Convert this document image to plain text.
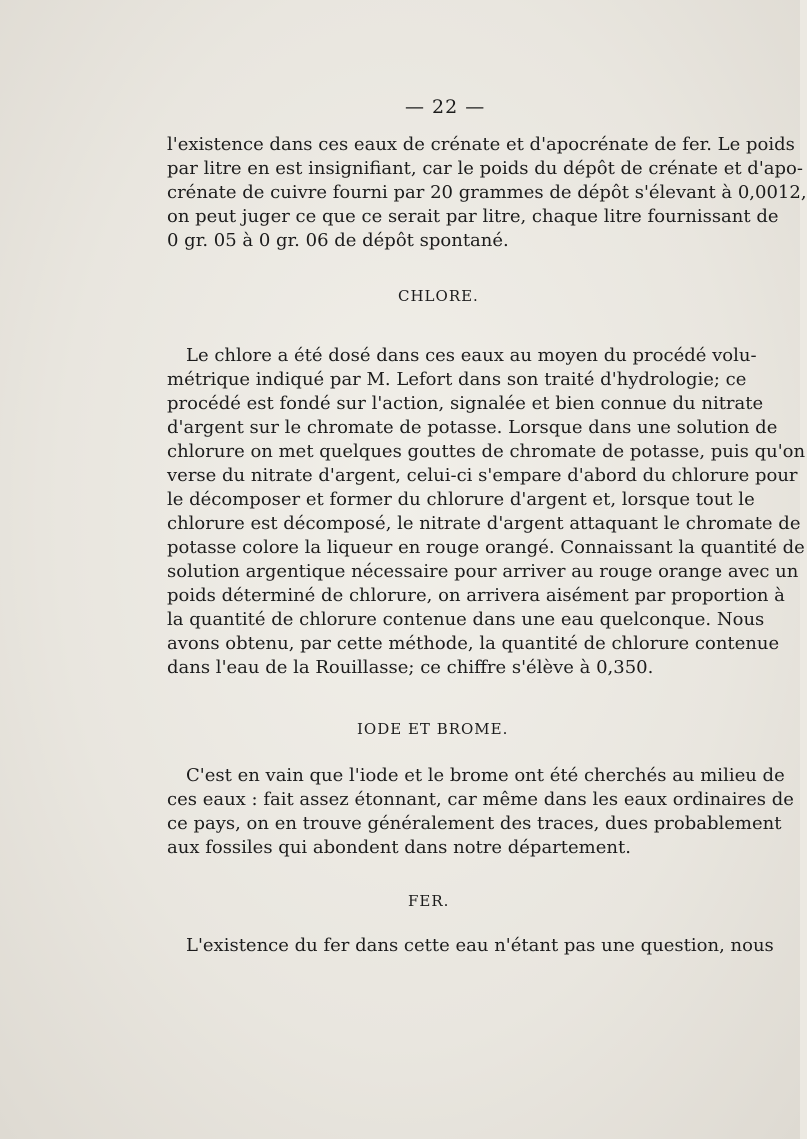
— 22 —
l'existence dans ces eaux de crénate et d'apocrénate de fer. Le poids
par litre en est insignifiant, car le poids du dépôt de crénate et d'apo-
crénate de cuivre fourni par 20 grammes de dépôt s'élevant à 0,0012,
on peut juger ce que ce serait par litre, chaque litre fournissant de
0 gr. 05 à 0 gr. 06 de dépôt spontané.
CHLORE.
Le chlore a été dosé dans ces eaux au moyen du procédé volu-
métrique indiqué par M. Lefort dans son traité d'hydrologie; ce
procédé est fondé sur l'action, signalée et bien connue du nitrate
d'argent sur le chromate de potasse. Lorsque dans une solution de
chlorure on met quelques gouttes de chromate de potasse, puis qu'on
verse du nitrate d'argent, celui-ci s'empare d'abord du chlorure pour
le décomposer et former du chlorure d'argent et, lorsque tout le
chlorure est décomposé, le nitrate d'argent attaquant le chromate de
potasse colore la liqueur en rouge orangé. Connaissant la quantité de
solution argentique nécessaire pour arriver au rouge orange avec un
poids déterminé de chlorure, on arrivera aisément par proportion à
la quantité de chlorure contenue dans une eau quelconque. Nous
avons obtenu, par cette méthode, la quantité de chlorure contenue
dans l'eau de la Rouillasse; ce chiffre s'élève à 0,350.
IODE ET BROME.
C'est en vain que l'iode et le brome ont été cherchés au milieu de
ces eaux : fait assez étonnant, car même dans les eaux ordinaires de
ce pays, on en trouve généralement des traces, dues probablement
aux fossiles qui abondent dans notre département.
FER.
L'existence du fer dans cette eau n'étant pas une question, nous
